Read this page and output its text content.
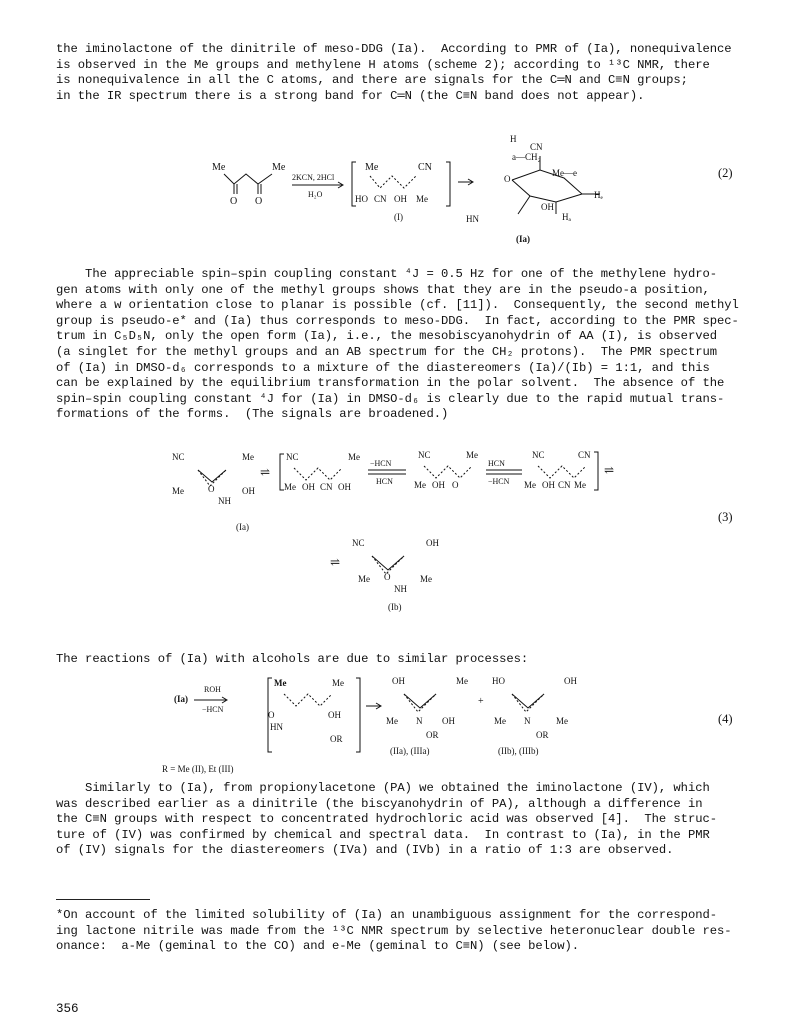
the iminolactone of the dinitrile of meso-DDG (Ia).  According to PMR of (Ia), nonequivalence
is observed in the Me groups and methylene H atoms (scheme 2); according to ¹³C NMR, there
is nonequivalence in all the C atoms, and there are signals for the C═N and C≡N groups;
in the IR spectrum there is a strong band for C═N (the C≡N band does not appear).
Me	Me
O O
2KCN, 2HCl
H₂O
Me	CN
HO CN OH Me
(I)
H
CN
a—CH₂
O
Me—e
Hₑ
OH
Hₐ
HN
(Ia)
(2)
The appreciable spin–spin coupling constant ⁴J = 0.5 Hz for one of the methylene hydro-
gen atoms with only one of the methyl groups shows that they are in the pseudo-a position,
where a w orientation close to planar is possible (cf. [11]).  Consequently, the second methyl
group is pseudo-e* and (Ia) thus corresponds to meso-DDG.  In fact, according to the PMR spec-
trum in C₅D₅N, only the open form (Ia), i.e., the mesobiscyanohydrin of AA (I), is observed
(a singlet for the methyl groups and an AB spectrum for the CH₂ protons).  The PMR spectrum
of (Ia) in DMSO-d₆ corresponds to a mixture of the diastereomers (Ia)/(Ib) = 1:1, and this
can be explained by the equilibrium transformation in the polar solvent.  The absence of the
spin–spin coupling constant ⁴J for (Ia) in DMSO-d₆ is clearly due to the rapid mutual trans-
formations of the forms.  (The signals are broadened.)
NC	Me
Me	O	OH
NH
(Ia)
⇌
NC	Me
Me OH CN OH
−HCN
HCN
NC	Me
Me OH O
HCN
−HCN
NC	CN
Me OH CN Me
⇌
NC	OH
⇌
Me O	Me
NH
(Ib)
(3)
The reactions of (Ia) with alcohols are due to similar processes:
(Ia)
ROH
−HCN
Me	Me
O	OH
HN
OR
OH	Me
Me N OH
OR
+
HO	OH
Me N	Me
OR
(IIa), (IIIa)	(IIb), (IIIb)
R = Me (II), Et (III)
(4)
Similarly to (Ia), from propionylacetone (PA) we obtained the iminolactone (IV), which
was described earlier as a dinitrile (the biscyanohydrin of PA), although a difference in
the C≡N groups with respect to concentrated hydrochloric acid was observed [4].  The struc-
ture of (IV) was confirmed by chemical and spectral data.  In contrast to (Ia), in the PMR
of (IV) signals for the diastereomers (IVa) and (IVb) in a ratio of 1:3 are observed.
*On account of the limited solubility of (Ia) an unambiguous assignment for the correspond-
ing lactone nitrile was made from the ¹³C NMR spectrum by selective heteronuclear double res-
onance:  a-Me (geminal to the CO) and e-Me (geminal to C≡N) (see below).
356
